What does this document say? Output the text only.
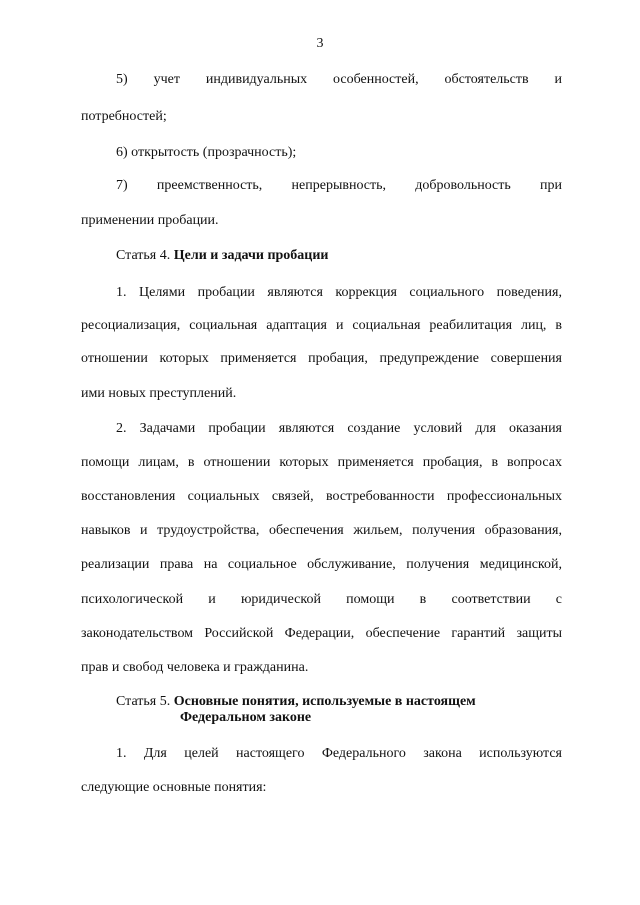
3
5) учет индивидуальных особенностей, обстоятельств и
потребностей;
6) открытость (прозрачность);
7) преемственность, непрерывность, добровольность при
применении пробации.
Статья 4. Цели и задачи пробации
1. Целями пробации являются коррекция социального поведения,
ресоциализация, социальная адаптация и социальная реабилитация лиц, в
отношении которых применяется пробация, предупреждение совершения
ими новых преступлений.
2. Задачами пробации являются создание условий для оказания
помощи лицам, в отношении которых применяется пробация, в вопросах
восстановления социальных связей, востребованности профессиональных
навыков и трудоустройства, обеспечения жильем, получения образования,
реализации права на социальное обслуживание, получения медицинской,
психологической и юридической помощи в соответствии с
законодательством Российской Федерации, обеспечение гарантий защиты
прав и свобод человека и гражданина.
Статья 5. Основные понятия, используемые в настоящем
Федеральном законе
1. Для целей настоящего Федерального закона используются
следующие основные понятия:
